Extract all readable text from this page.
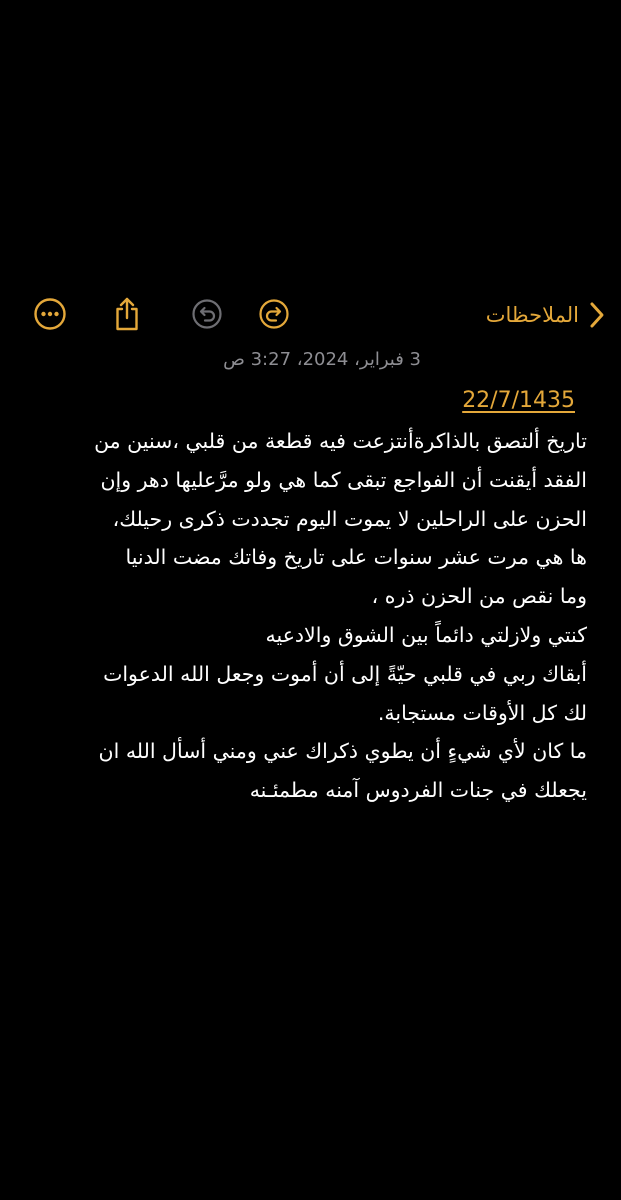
الملاحظات
3 فبراير، 2024، 3:27 ص
22/7/1435
تاريخ ألتصق بالذاكرةأنتزعت فيه قطعة من قلبي ،سنين من
الفقد أيقنت أن الفواجع تبقى كما هي ولو مرَّعليها دهر وإن
الحزن على الراحلين لا يموت اليوم تجددت ذكرى رحيلك،
ها هي مرت عشر سنوات على تاريخ وفاتك مضت الدنيا
وما نقص من الحزن ذره ،
كنتي ولازلتي دائماً بين الشوق والادعيه
أبقاك ربي في قلبي حيّةً إلى أن أموت وجعل الله الدعوات
لك كل الأوقات مستجابة.
ما كان لأي شيءٍ أن يطوي ذكراك عني ومني أسأل الله ان
يجعلك في جنات الفردوس آمنه مطمئـنه
